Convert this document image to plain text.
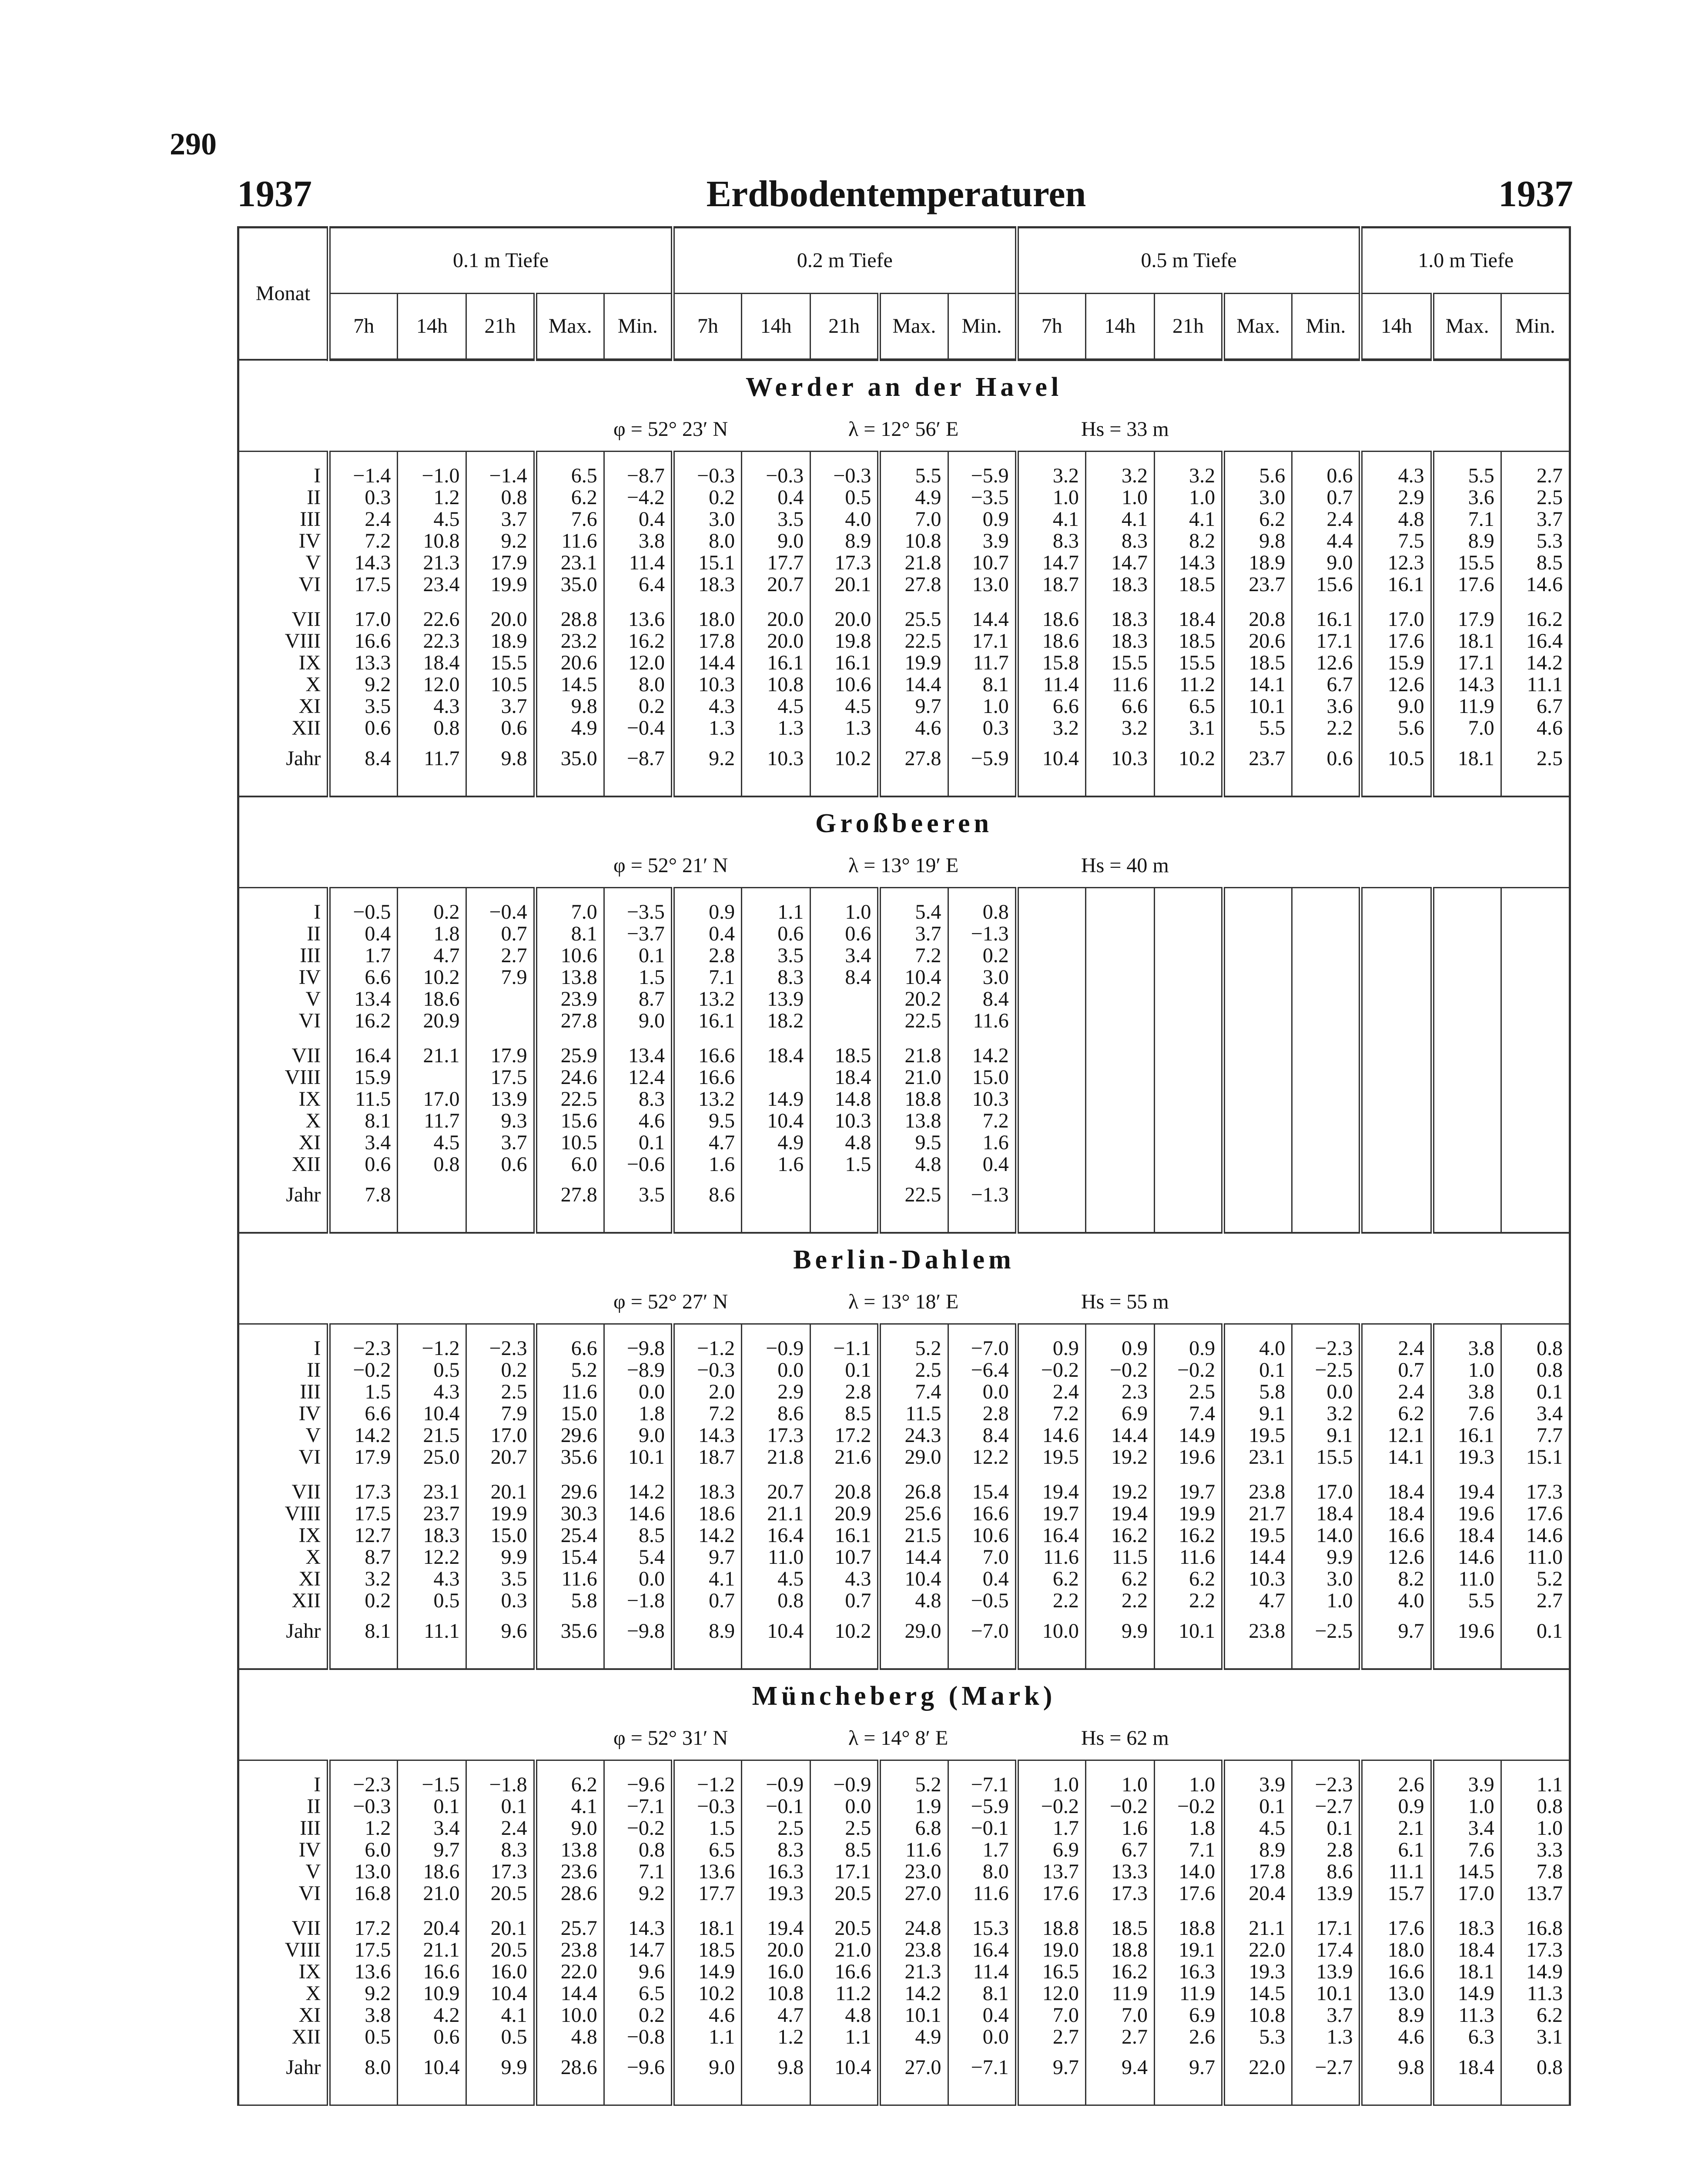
290
1937	Erdbodentemperaturen	1937
Monat	0.1 m Tiefe					0.2 m Tiefe					0.5 m Tiefe					1.0 m Tiefe		
	7h	14h	21h	Max.	Min.	7h	14h	21h	Max.	Min.	7h	14h	21h	Max.	Min.	14h	Max.	Min.
Werder an der Havel																		

φ = 52° 23′ N λ = 12° 56′ E Hs = 33 m																		

I	−1.4	−1.0	−1.4	6.5	−8.7	−0.3	−0.3	−0.3	5.5	−5.9	3.2	3.2	3.2	5.6	0.6	4.3	5.5	2.7
II	0.3	1.2	0.8	6.2	−4.2	0.2	0.4	0.5	4.9	−3.5	1.0	1.0	1.0	3.0	0.7	2.9	3.6	2.5
III	2.4	4.5	3.7	7.6	0.4	3.0	3.5	4.0	7.0	0.9	4.1	4.1	4.1	6.2	2.4	4.8	7.1	3.7
IV	7.2	10.8	9.2	11.6	3.8	8.0	9.0	8.9	10.8	3.9	8.3	8.3	8.2	9.8	4.4	7.5	8.9	5.3
V	14.3	21.3	17.9	23.1	11.4	15.1	17.7	17.3	21.8	10.7	14.7	14.7	14.3	18.9	9.0	12.3	15.5	8.5
VI	17.5	23.4	19.9	35.0	6.4	18.3	20.7	20.1	27.8	13.0	18.7	18.3	18.5	23.7	15.6	16.1	17.6	14.6

VII	17.0	22.6	20.0	28.8	13.6	18.0	20.0	20.0	25.5	14.4	18.6	18.3	18.4	20.8	16.1	17.0	17.9	16.2
VIII	16.6	22.3	18.9	23.2	16.2	17.8	20.0	19.8	22.5	17.1	18.6	18.3	18.5	20.6	17.1	17.6	18.1	16.4
IX	13.3	18.4	15.5	20.6	12.0	14.4	16.1	16.1	19.9	11.7	15.8	15.5	15.5	18.5	12.6	15.9	17.1	14.2
X	9.2	12.0	10.5	14.5	8.0	10.3	10.8	10.6	14.4	8.1	11.4	11.6	11.2	14.1	6.7	12.6	14.3	11.1
XI	3.5	4.3	3.7	9.8	0.2	4.3	4.5	4.5	9.7	1.0	6.6	6.6	6.5	10.1	3.6	9.0	11.9	6.7
XII	0.6	0.8	0.6	4.9	−0.4	1.3	1.3	1.3	4.6	0.3	3.2	3.2	3.1	5.5	2.2	5.6	7.0	4.6
Jahr	8.4	11.7	9.8	35.0	−8.7	9.2	10.3	10.2	27.8	−5.9	10.4	10.3	10.2	23.7	0.6	10.5	18.1	2.5

Großbeeren																		

φ = 52° 21′ N λ = 13° 19′ E Hs = 40 m																		

I	−0.5	0.2	−0.4	7.0	−3.5	0.9	1.1	1.0	5.4	0.8								
II	0.4	1.8	0.7	8.1	−3.7	0.4	0.6	0.6	3.7	−1.3								
III	1.7	4.7	2.7	10.6	0.1	2.8	3.5	3.4	7.2	0.2								
IV	6.6	10.2	7.9	13.8	1.5	7.1	8.3	8.4	10.4	3.0								
V	13.4	18.6		23.9	8.7	13.2	13.9		20.2	8.4								
VI	16.2	20.9		27.8	9.0	16.1	18.2		22.5	11.6								

VII	16.4	21.1	17.9	25.9	13.4	16.6	18.4	18.5	21.8	14.2								
VIII	15.9		17.5	24.6	12.4	16.6		18.4	21.0	15.0								
IX	11.5	17.0	13.9	22.5	8.3	13.2	14.9	14.8	18.8	10.3								
X	8.1	11.7	9.3	15.6	4.6	9.5	10.4	10.3	13.8	7.2								
XI	3.4	4.5	3.7	10.5	0.1	4.7	4.9	4.8	9.5	1.6								
XII	0.6	0.8	0.6	6.0	−0.6	1.6	1.6	1.5	4.8	0.4								
Jahr	7.8			27.8	3.5	8.6			22.5	−1.3								

Berlin-Dahlem																		

φ = 52° 27′ N λ = 13° 18′ E Hs = 55 m																		

I	−2.3	−1.2	−2.3	6.6	−9.8	−1.2	−0.9	−1.1	5.2	−7.0	0.9	0.9	0.9	4.0	−2.3	2.4	3.8	0.8
II	−0.2	0.5	0.2	5.2	−8.9	−0.3	0.0	0.1	2.5	−6.4	−0.2	−0.2	−0.2	0.1	−2.5	0.7	1.0	0.8
III	1.5	4.3	2.5	11.6	0.0	2.0	2.9	2.8	7.4	0.0	2.4	2.3	2.5	5.8	0.0	2.4	3.8	0.1
IV	6.6	10.4	7.9	15.0	1.8	7.2	8.6	8.5	11.5	2.8	7.2	6.9	7.4	9.1	3.2	6.2	7.6	3.4
V	14.2	21.5	17.0	29.6	9.0	14.3	17.3	17.2	24.3	8.4	14.6	14.4	14.9	19.5	9.1	12.1	16.1	7.7
VI	17.9	25.0	20.7	35.6	10.1	18.7	21.8	21.6	29.0	12.2	19.5	19.2	19.6	23.1	15.5	14.1	19.3	15.1

VII	17.3	23.1	20.1	29.6	14.2	18.3	20.7	20.8	26.8	15.4	19.4	19.2	19.7	23.8	17.0	18.4	19.4	17.3
VIII	17.5	23.7	19.9	30.3	14.6	18.6	21.1	20.9	25.6	16.6	19.7	19.4	19.9	21.7	18.4	18.4	19.6	17.6
IX	12.7	18.3	15.0	25.4	8.5	14.2	16.4	16.1	21.5	10.6	16.4	16.2	16.2	19.5	14.0	16.6	18.4	14.6
X	8.7	12.2	9.9	15.4	5.4	9.7	11.0	10.7	14.4	7.0	11.6	11.5	11.6	14.4	9.9	12.6	14.6	11.0
XI	3.2	4.3	3.5	11.6	0.0	4.1	4.5	4.3	10.4	0.4	6.2	6.2	6.2	10.3	3.0	8.2	11.0	5.2
XII	0.2	0.5	0.3	5.8	−1.8	0.7	0.8	0.7	4.8	−0.5	2.2	2.2	2.2	4.7	1.0	4.0	5.5	2.7
Jahr	8.1	11.1	9.6	35.6	−9.8	8.9	10.4	10.2	29.0	−7.0	10.0	9.9	10.1	23.8	−2.5	9.7	19.6	0.1

Müncheberg (Mark)																		

φ = 52° 31′ N λ = 14° 8′ E Hs = 62 m																		

I	−2.3	−1.5	−1.8	6.2	−9.6	−1.2	−0.9	−0.9	5.2	−7.1	1.0	1.0	1.0	3.9	−2.3	2.6	3.9	1.1
II	−0.3	0.1	0.1	4.1	−7.1	−0.3	−0.1	0.0	1.9	−5.9	−0.2	−0.2	−0.2	0.1	−2.7	0.9	1.0	0.8
III	1.2	3.4	2.4	9.0	−0.2	1.5	2.5	2.5	6.8	−0.1	1.7	1.6	1.8	4.5	0.1	2.1	3.4	1.0
IV	6.0	9.7	8.3	13.8	0.8	6.5	8.3	8.5	11.6	1.7	6.9	6.7	7.1	8.9	2.8	6.1	7.6	3.3
V	13.0	18.6	17.3	23.6	7.1	13.6	16.3	17.1	23.0	8.0	13.7	13.3	14.0	17.8	8.6	11.1	14.5	7.8
VI	16.8	21.0	20.5	28.6	9.2	17.7	19.3	20.5	27.0	11.6	17.6	17.3	17.6	20.4	13.9	15.7	17.0	13.7

VII	17.2	20.4	20.1	25.7	14.3	18.1	19.4	20.5	24.8	15.3	18.8	18.5	18.8	21.1	17.1	17.6	18.3	16.8
VIII	17.5	21.1	20.5	23.8	14.7	18.5	20.0	21.0	23.8	16.4	19.0	18.8	19.1	22.0	17.4	18.0	18.4	17.3
IX	13.6	16.6	16.0	22.0	9.6	14.9	16.0	16.6	21.3	11.4	16.5	16.2	16.3	19.3	13.9	16.6	18.1	14.9
X	9.2	10.9	10.4	14.4	6.5	10.2	10.8	11.2	14.2	8.1	12.0	11.9	11.9	14.5	10.1	13.0	14.9	11.3
XI	3.8	4.2	4.1	10.0	0.2	4.6	4.7	4.8	10.1	0.4	7.0	7.0	6.9	10.8	3.7	8.9	11.3	6.2
XII	0.5	0.6	0.5	4.8	−0.8	1.1	1.2	1.1	4.9	0.0	2.7	2.7	2.6	5.3	1.3	4.6	6.3	3.1
Jahr	8.0	10.4	9.9	28.6	−9.6	9.0	9.8	10.4	27.0	−7.1	9.7	9.4	9.7	22.0	−2.7	9.8	18.4	0.8
